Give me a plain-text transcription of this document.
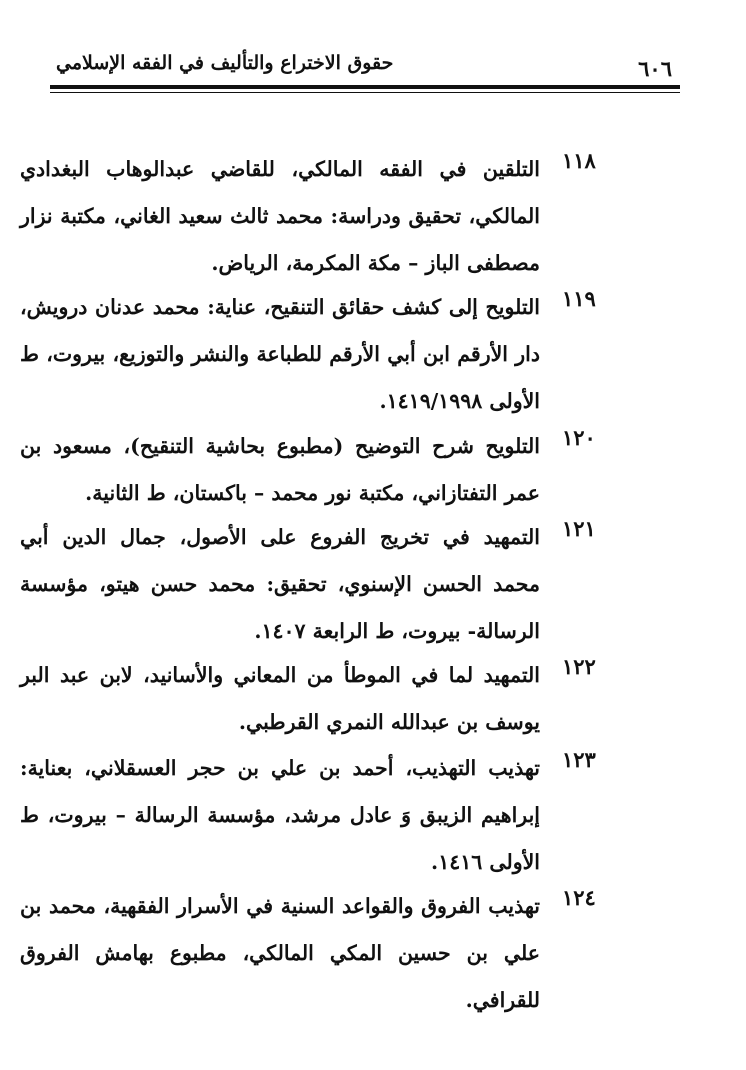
حقوق الاختراع والتأليف في الفقه الإسلامي	٦٠٦
١١٨
التلقين في الفقه المالكي، للقاضي عبدالوهاب البغدادي المالكي، تحقيق ودراسة: محمد ثالث سعيد الغاني، مكتبة نزار مصطفى الباز – مكة المكرمة، الرياض.
١١٩
التلويح إلى كشف حقائق التنقيح، عناية: محمد عدنان درويش، دار الأرقم ابن أبي الأرقم للطباعة والنشر والتوزيع، بيروت، ط الأولى ١٤١٩/١٩٩٨.
١٢٠
التلويح شرح التوضيح (مطبوع بحاشية التنقيح)، مسعود بن عمر التفتازاني، مكتبة نور محمد – باكستان، ط الثانية.
١٢١
التمهيد في تخريج الفروع على الأصول، جمال الدين أبي محمد الحسن الإسنوي، تحقيق: محمد حسن هيتو، مؤسسة الرسالة- بيروت، ط الرابعة ١٤٠٧.
١٢٢
التمهيد لما في الموطأ من المعاني والأسانيد، لابن عبد البر يوسف بن عبدالله النمري القرطبي.
١٢٣
تهذيب التهذيب، أحمد بن علي بن حجر العسقلاني، بعناية: إبراهيم الزيبق وَ عادل مرشد، مؤسسة الرسالة – بيروت، ط الأولى ١٤١٦.
١٢٤
تهذيب الفروق والقواعد السنية في الأسرار الفقهية، محمد بن علي بن حسين المكي المالكي، مطبوع بهامش الفروق للقرافي.
